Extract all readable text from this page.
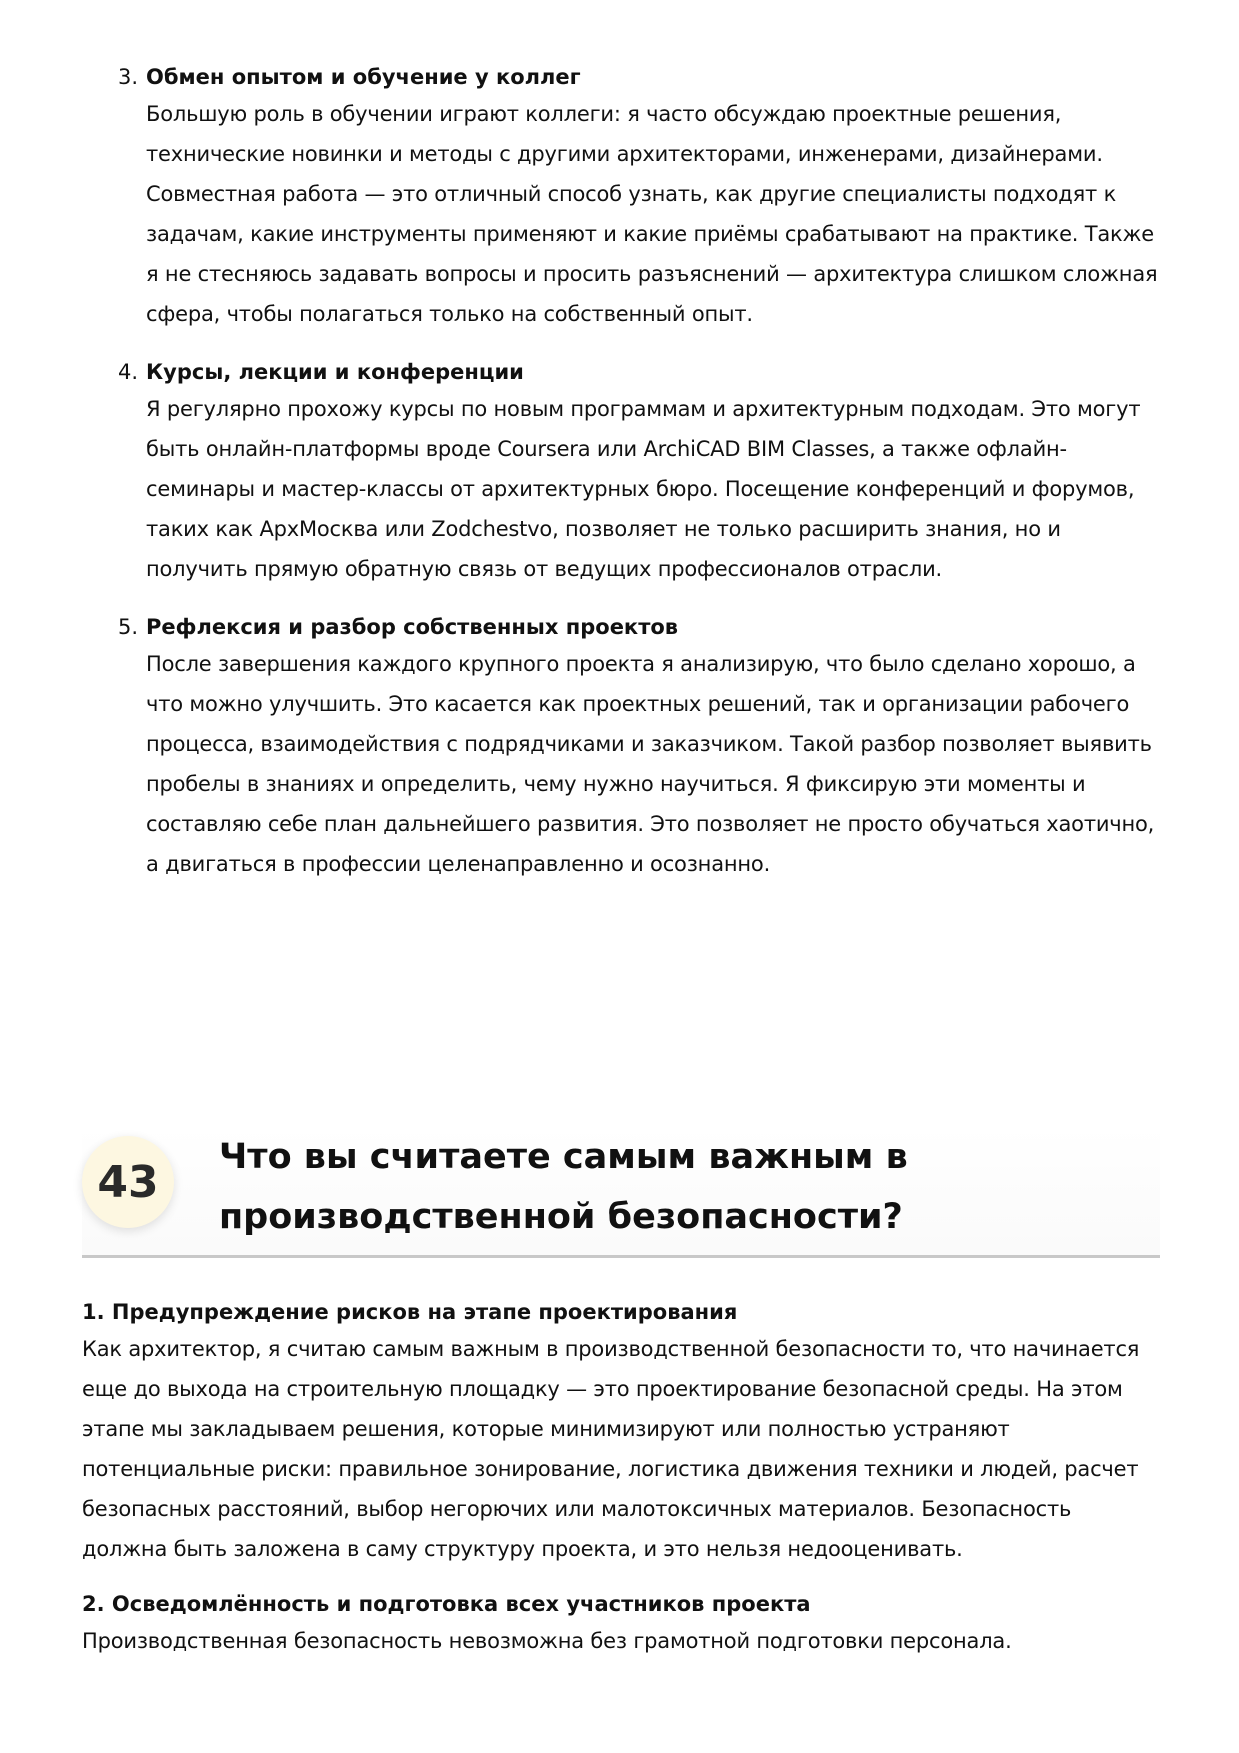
3. Обмен опытом и обучение у коллег
Большую роль в обучении играют коллеги: я часто обсуждаю проектные решения, технические новинки и методы с другими архитекторами, инженерами, дизайнерами. Совместная работа — это отличный способ узнать, как другие специалисты подходят к задачам, какие инструменты применяют и какие приёмы срабатывают на практике. Также я не стесняюсь задавать вопросы и просить разъяснений — архитектура слишком сложная сфера, чтобы полагаться только на собственный опыт.
4. Курсы, лекции и конференции
Я регулярно прохожу курсы по новым программам и архитектурным подходам. Это могут быть онлайн-платформы вроде Coursera или ArchiCAD BIM Classes, а также офлайн-семинары и мастер-классы от архитектурных бюро. Посещение конференций и форумов, таких как АрхМосква или Zodchestvo, позволяет не только расширить знания, но и получить прямую обратную связь от ведущих профессионалов отрасли.
5. Рефлексия и разбор собственных проектов
После завершения каждого крупного проекта я анализирую, что было сделано хорошо, а что можно улучшить. Это касается как проектных решений, так и организации рабочего процесса, взаимодействия с подрядчиками и заказчиком. Такой разбор позволяет выявить пробелы в знаниях и определить, чему нужно научиться. Я фиксирую эти моменты и составляю себе план дальнейшего развития. Это позволяет не просто обучаться хаотично, а двигаться в профессии целенаправленно и осознанно.
43	Что вы считаете самым важным в производственной безопасности?
1. Предупреждение рисков на этапе проектирования
Как архитектор, я считаю самым важным в производственной безопасности то, что начинается еще до выхода на строительную площадку — это проектирование безопасной среды. На этом этапе мы закладываем решения, которые минимизируют или полностью устраняют потенциальные риски: правильное зонирование, логистика движения техники и людей, расчет безопасных расстояний, выбор негорючих или малотоксичных материалов. Безопасность должна быть заложена в саму структуру проекта, и это нельзя недооценивать.
2. Осведомлённость и подготовка всех участников проекта
Производственная безопасность невозможна без грамотной подготовки персонала.
